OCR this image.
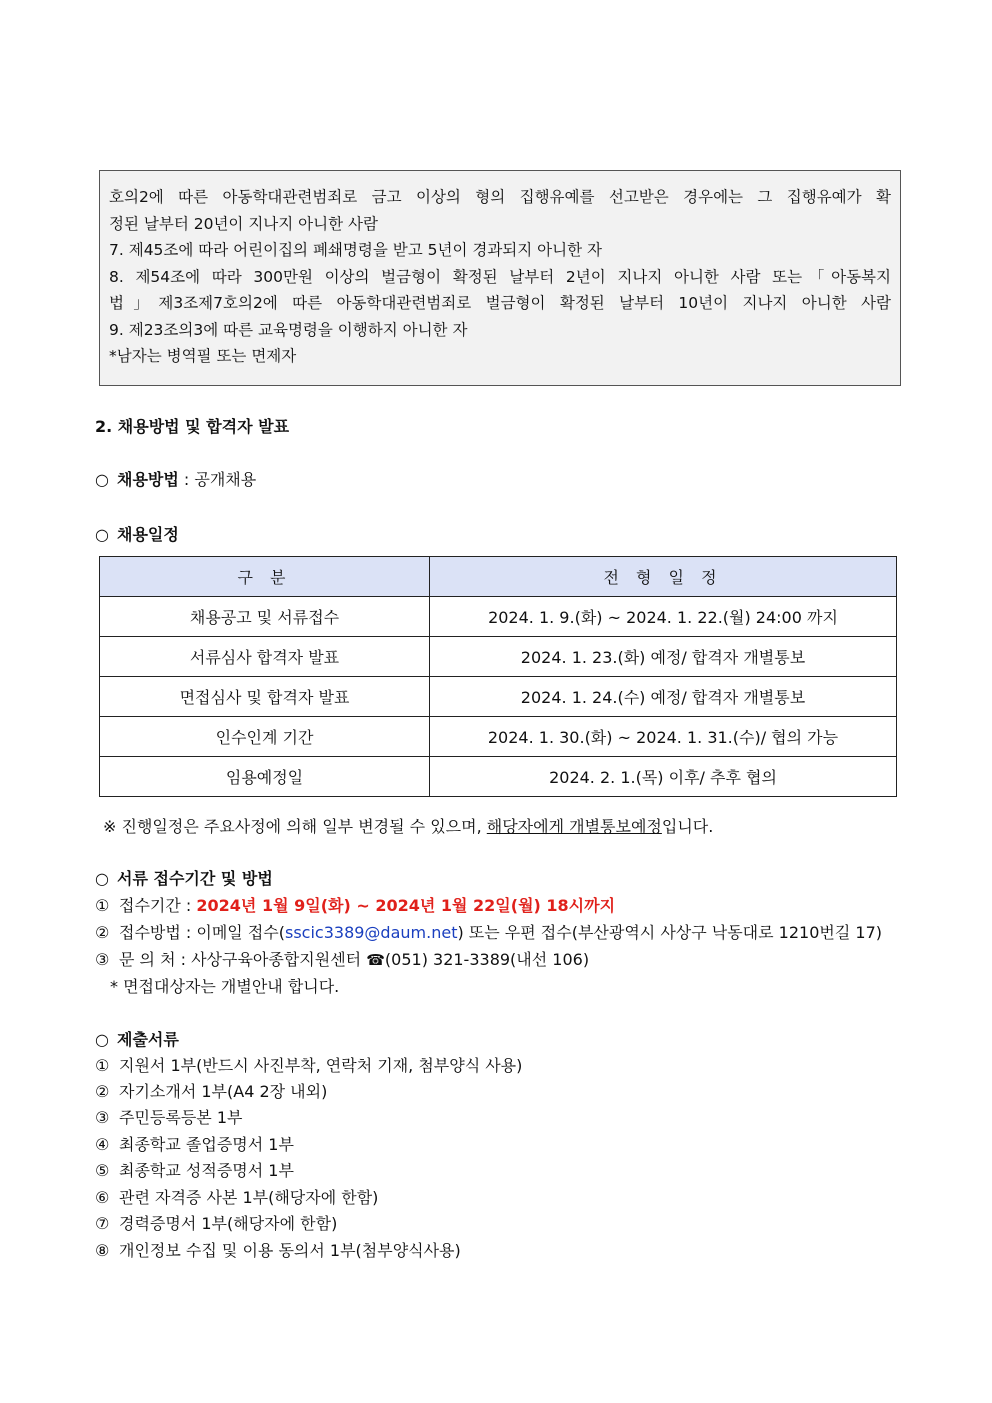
호의2에 따른 아동학대관련범죄로 금고 이상의 형의 집행유예를 선고받은 경우에는 그 집행유예가 확
정된 날부터 20년이 지나지 아니한 사람
7. 제45조에 따라 어린이집의 폐쇄명령을 받고 5년이 경과되지 아니한 자
8. 제54조에 따라 300만원 이상의 벌금형이 확정된 날부터 2년이 지나지 아니한 사람 또는「아동복지
법」제3조제7호의2에 따른 아동학대관련범죄로 벌금형이 확정된 날부터 10년이 지나지 아니한 사람
9. 제23조의3에 따른 교육명령을 이행하지 아니한 자
*남자는 병역필 또는 면제자
2. 채용방법 및 합격자 발표
○ 채용방법 : 공개채용
○ 채용일정
구 분	전 형 일 정
채용공고 및 서류접수	2024. 1. 9.(화) ~ 2024. 1. 22.(월) 24:00 까지
서류심사 합격자 발표	2024. 1. 23.(화) 예정/ 합격자 개별통보
면접심사 및 합격자 발표	2024. 1. 24.(수) 예정/ 합격자 개별통보
인수인계 기간	2024. 1. 30.(화) ~ 2024. 1. 31.(수)/ 협의 가능
임용예정일	2024. 2. 1.(목) 이후/ 추후 협의
※ 진행일정은 주요사정에 의해 일부 변경될 수 있으며, 해당자에게 개별통보예정입니다.
○ 서류 접수기간 및 방법
① 접수기간 : 2024년 1월 9일(화) ~ 2024년 1월 22일(월) 18시까지
② 접수방법 : 이메일 접수(sscic3389@daum.net) 또는 우편 접수(부산광역시 사상구 낙동대로 1210번길 17)
③ 문 의 처 : 사상구육아종합지원센터 ☎(051) 321-3389(내선 106)
* 면접대상자는 개별안내 합니다.
○ 제출서류
① 지원서 1부(반드시 사진부착, 연락처 기재, 첨부양식 사용)
② 자기소개서 1부(A4 2장 내외)
③ 주민등록등본 1부
④ 최종학교 졸업증명서 1부
⑤ 최종학교 성적증명서 1부
⑥ 관련 자격증 사본 1부(해당자에 한함)
⑦ 경력증명서 1부(해당자에 한함)
⑧ 개인정보 수집 및 이용 동의서 1부(첨부양식사용)
